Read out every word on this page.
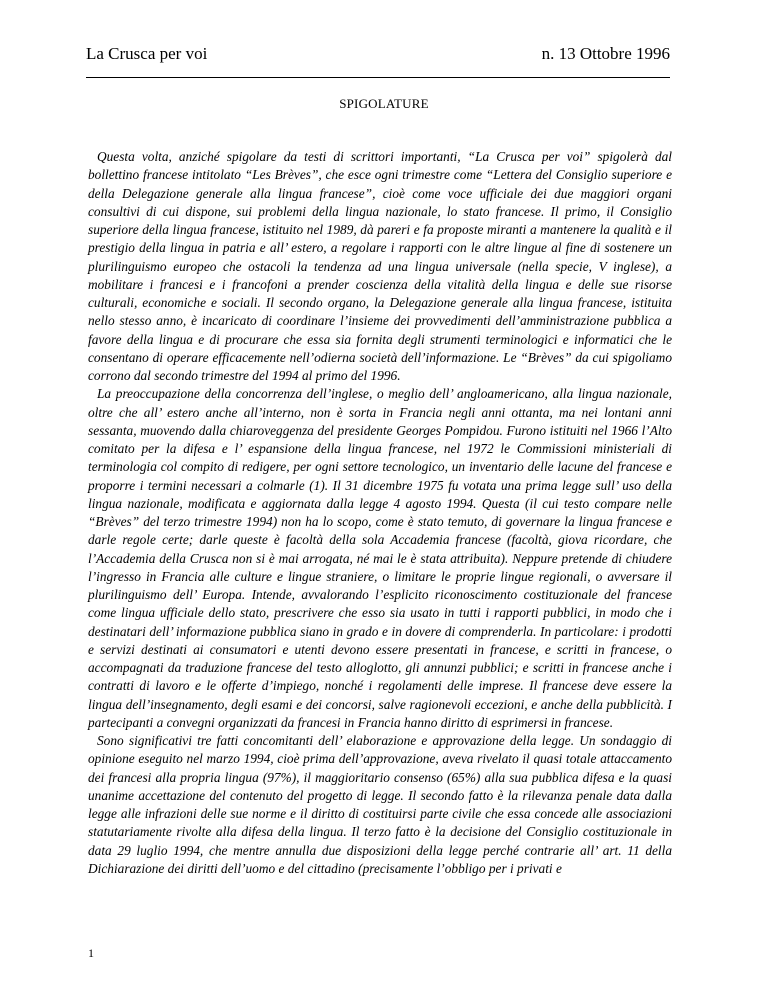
La Crusca per voi	n. 13 Ottobre 1996
SPIGOLATURE

Questa volta, anziché spigolare da testi di scrittori importanti, “La Crusca per voi” spigolerà dal bollettino francese intitolato “Les Brèves”, che esce ogni trimestre come “Lettera del Consiglio superiore e della Delegazione generale alla lingua francese”, cioè come voce ufficiale dei due maggiori organi consultivi di cui dispone, sui problemi della lingua nazionale, lo stato francese. Il primo, il Consiglio superiore della lingua francese, istituito nel 1989, dà pareri e fa proposte miranti a mantenere la qualità e il prestigio della lingua in patria e all’ estero, a regolare i rapporti con le altre lingue al fine di sostenere un plurilinguismo europeo che ostacoli la tendenza ad una lingua universale (nella specie, V inglese), a mobilitare i francesi e i francofoni a prender coscienza della vitalità della lingua e delle sue risorse culturali, economiche e sociali. Il secondo organo, la Delegazione generale alla lingua francese, istituita nello stesso anno, è incaricato di coordinare l’insieme dei provvedimenti dell’amministrazione pubblica a favore della lingua e di procurare che essa sia fornita degli strumenti terminologici e informatici che le consentano di operare efficacemente nell’odierna società dell’informazione. Le “Brèves” da cui spigoliamo corrono dal secondo trimestre del 1994 al primo del 1996.

La preoccupazione della concorrenza dell’inglese, o meglio dell’ angloamericano, alla lingua nazionale, oltre che all’ estero anche all’interno, non è sorta in Francia negli anni ottanta, ma nei lontani anni sessanta, muovendo dalla chiaroveggenza del presidente Georges Pompidou. Furono istituiti nel 1966 l’Alto comitato per la difesa e l’ espansione della lingua francese, nel 1972 le Commissioni ministeriali di terminologia col compito di redigere, per ogni settore tecnologico, un inventario delle lacune del francese e proporre i termini necessari a colmarle (1). Il 31 dicembre 1975 fu votata una prima legge sull’ uso della lingua nazionale, modificata e aggiornata dalla legge 4 agosto 1994. Questa (il cui testo compare nelle “Brèves” del terzo trimestre 1994) non ha lo scopo, come è stato temuto, di governare la lingua francese e darle regole certe; darle queste è facoltà della sola Accademia francese (facoltà, giova ricordare, che l’Accademia della Crusca non si è mai arrogata, né mai le è stata attribuita). Neppure pretende di chiudere l’ingresso in Francia alle culture e lingue straniere, o limitare le proprie lingue regionali, o avversare il plurilinguismo dell’ Europa. Intende, avvalorando l’esplicito riconoscimento costituzionale del francese come lingua ufficiale dello stato, prescrivere che esso sia usato in tutti i rapporti pubblici, in modo che i destinatari dell’ informazione pubblica siano in grado e in dovere di comprenderla. In particolare: i prodotti e servizi destinati ai consumatori e utenti devono essere presentati in francese, e scritti in francese, o accompagnati da traduzione francese del testo alloglotto, gli annunzi pubblici; e scritti in francese anche i contratti di lavoro e le offerte d’impiego, nonché i regolamenti delle imprese. Il francese deve essere la lingua dell’insegnamento, degli esami e dei concorsi, salve ragionevoli eccezioni, e anche della pubblicità. I partecipanti a convegni organizzati da francesi in Francia hanno diritto di esprimersi in francese.

Sono significativi tre fatti concomitanti dell’ elaborazione e approvazione della legge. Un sondaggio di opinione eseguito nel marzo 1994, cioè prima dell’approvazione, aveva rivelato il quasi totale attaccamento dei francesi alla propria lingua (97%), il maggioritario consenso (65%) alla sua pubblica difesa e la quasi unanime accettazione del contenuto del progetto di legge. Il secondo fatto è la rilevanza penale data dalla legge alle infrazioni delle sue norme e il diritto di costituirsi parte civile che essa concede alle associazioni statutariamente rivolte alla difesa della lingua. Il terzo fatto è la decisione del Consiglio costituzionale in data 29 luglio 1994, che mentre annulla due disposizioni della legge perché contrarie all’ art. 11 della Dichiarazione dei diritti dell’uomo e del cittadino (precisamente l’obbligo per i privati e

1
